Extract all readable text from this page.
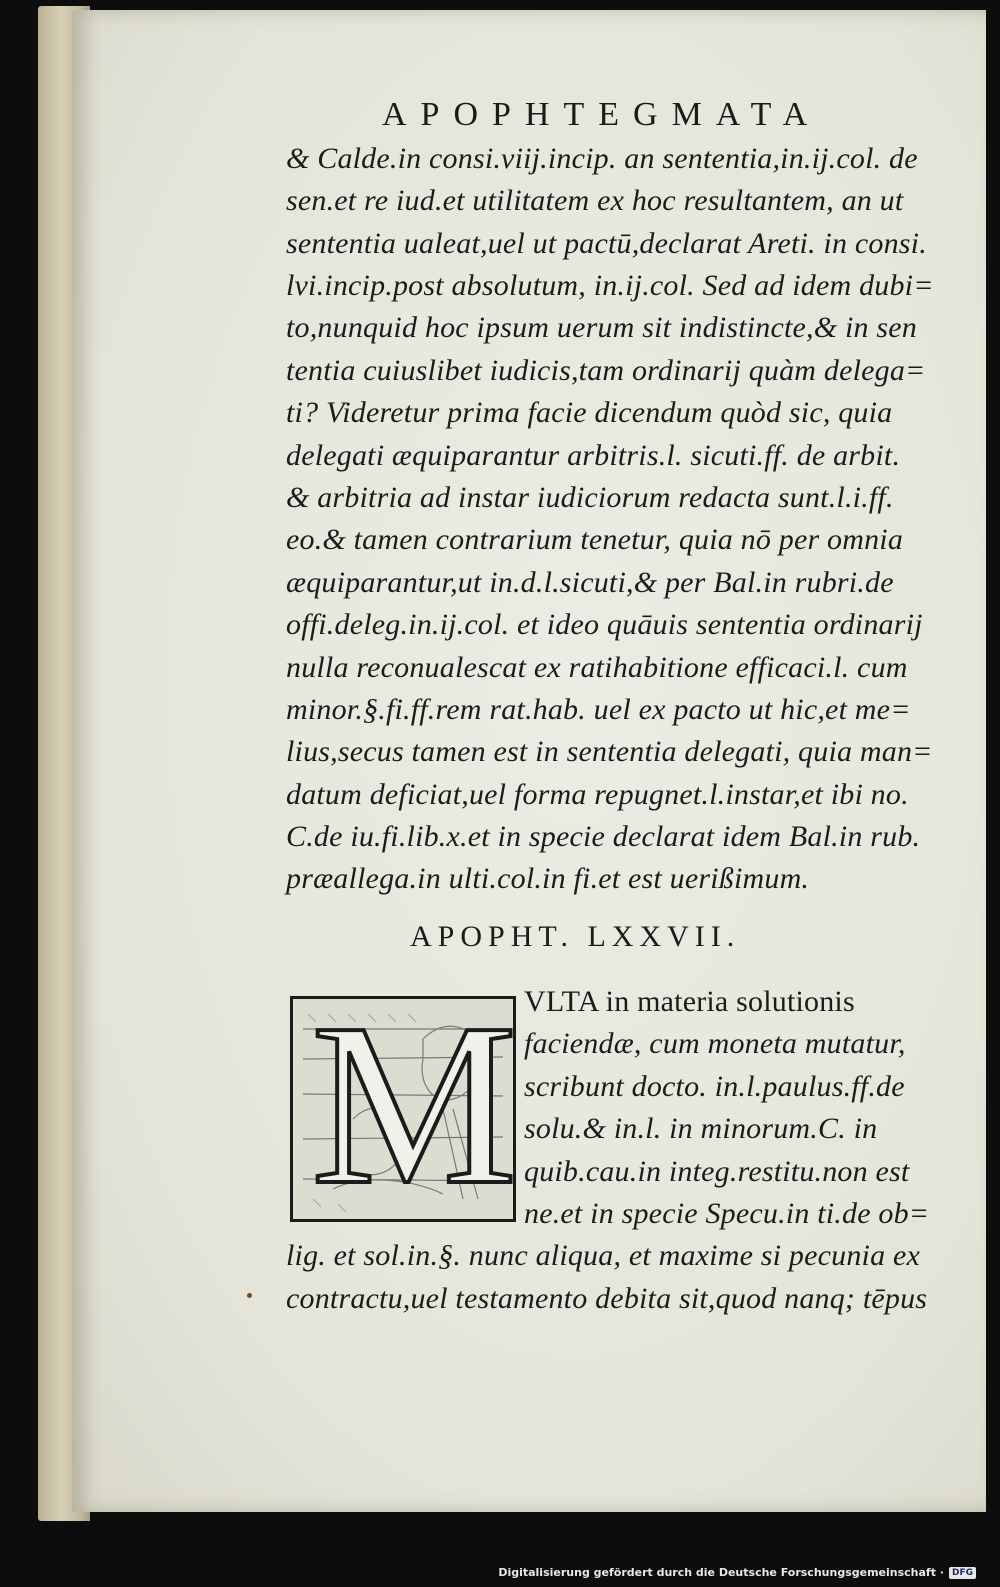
APOPHTEGMATA
& Calde.in consi.viij.incip. an sententia,in.ij.col. de
sen.et re iud.et utilitatem ex hoc resultantem, an ut
sententia ualeat,uel ut pactū,declarat Areti. in consi.
lvi.incip.post absolutum, in.ij.col. Sed ad idem dubi=
to,nunquid hoc ipsum uerum sit indistincte,& in sen
tentia cuiuslibet iudicis,tam ordinarij quàm delega=
ti? Videretur prima facie dicendum quòd sic, quia
delegati æquiparantur arbitris.l. sicuti.ff. de arbit.
& arbitria ad instar iudiciorum redacta sunt.l.i.ff.
eo.& tamen contrarium tenetur, quia nō per omnia
æquiparantur,ut in.d.l.sicuti,& per Bal.in rubri.de
offi.deleg.in.ij.col. et ideo quāuis sententia ordinarij
nulla reconualescat ex ratihabitione efficaci.l. cum
minor.§.fi.ff.rem rat.hab. uel ex pacto ut hic,et me=
lius,secus tamen est in sententia delegati, quia man=
datum deficiat,uel forma repugnet.l.instar,et ibi no.
C.de iu.fi.lib.x.et in specie declarat idem Bal.in rub.
præallega.in ulti.col.in fi.et est uerißimum.
APOPHT. LXXVII.
M VLTA in materia solutionis
faciendæ, cum moneta mutatur,
scribunt docto. in.l.paulus.ff.de
solu.& in.l. in minorum.C. in
quib.cau.in integ.restitu.non est
ne.et in specie Specu.in ti.de ob=
lig. et sol.in.§. nunc aliqua, et maxime si pecunia ex
contractu,uel testamento debita sit,quod nanq; tēpus
Digitalisierung gefördert durch die Deutsche Forschungsgemeinschaft · DFG
